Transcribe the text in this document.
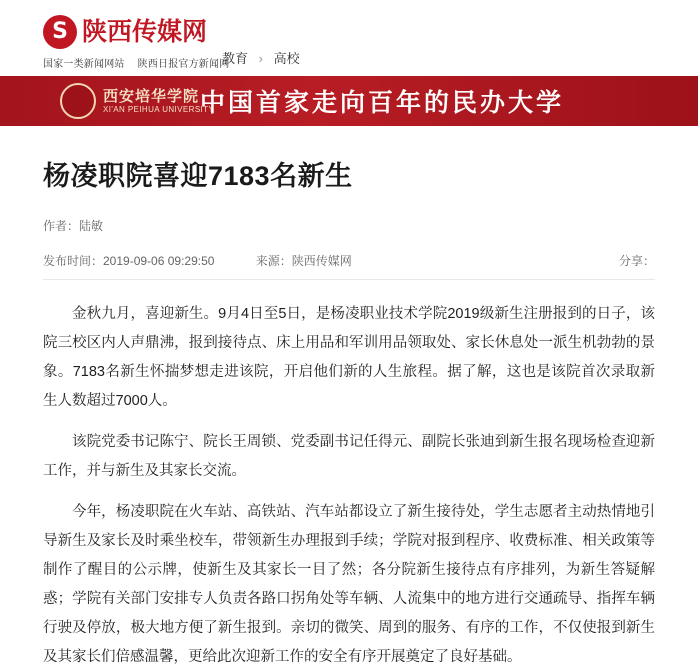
S 陕西传媒网
国家一类新闻网站 陕西日报官方新闻网
教育 › 高校
西安培华学院
XI'AN PEIHUA UNIVERSITY
中国首家走向百年的民办大学
杨凌职院喜迎7183名新生
作者：陆敏
发布时间：2019-09-06 09:29:50	来源：陕西传媒网	分享：

金秋九月，喜迎新生。9月4日至5日，是杨凌职业技术学院2019级新生注册报到的日子，该院三校区内人声鼎沸，报到接待点、床上用品和军训用品领取处、家长休息处一派生机勃勃的景象。7183名新生怀揣梦想走进该院，开启他们新的人生旅程。据了解，这也是该院首次录取新生人数超过7000人。

该院党委书记陈宁、院长王周锁、党委副书记任得元、副院长张迪到新生报名现场检查迎新工作，并与新生及其家长交流。

今年，杨凌职院在火车站、高铁站、汽车站都设立了新生接待处，学生志愿者主动热情地引导新生及家长及时乘坐校车，带领新生办理报到手续；学院对报到程序、收费标准、相关政策等制作了醒目的公示牌，使新生及其家长一目了然；各分院新生接待点有序排列，为新生答疑解惑；学院有关部门安排专人负责各路口拐角处等车辆、人流集中的地方进行交通疏导、指挥车辆行驶及停放，极大地方便了新生报到。亲切的微笑、周到的服务、有序的工作，不仅使报到新生及其家长们倍感温馨，更给此次迎新工作的安全有序开展奠定了良好基础。
